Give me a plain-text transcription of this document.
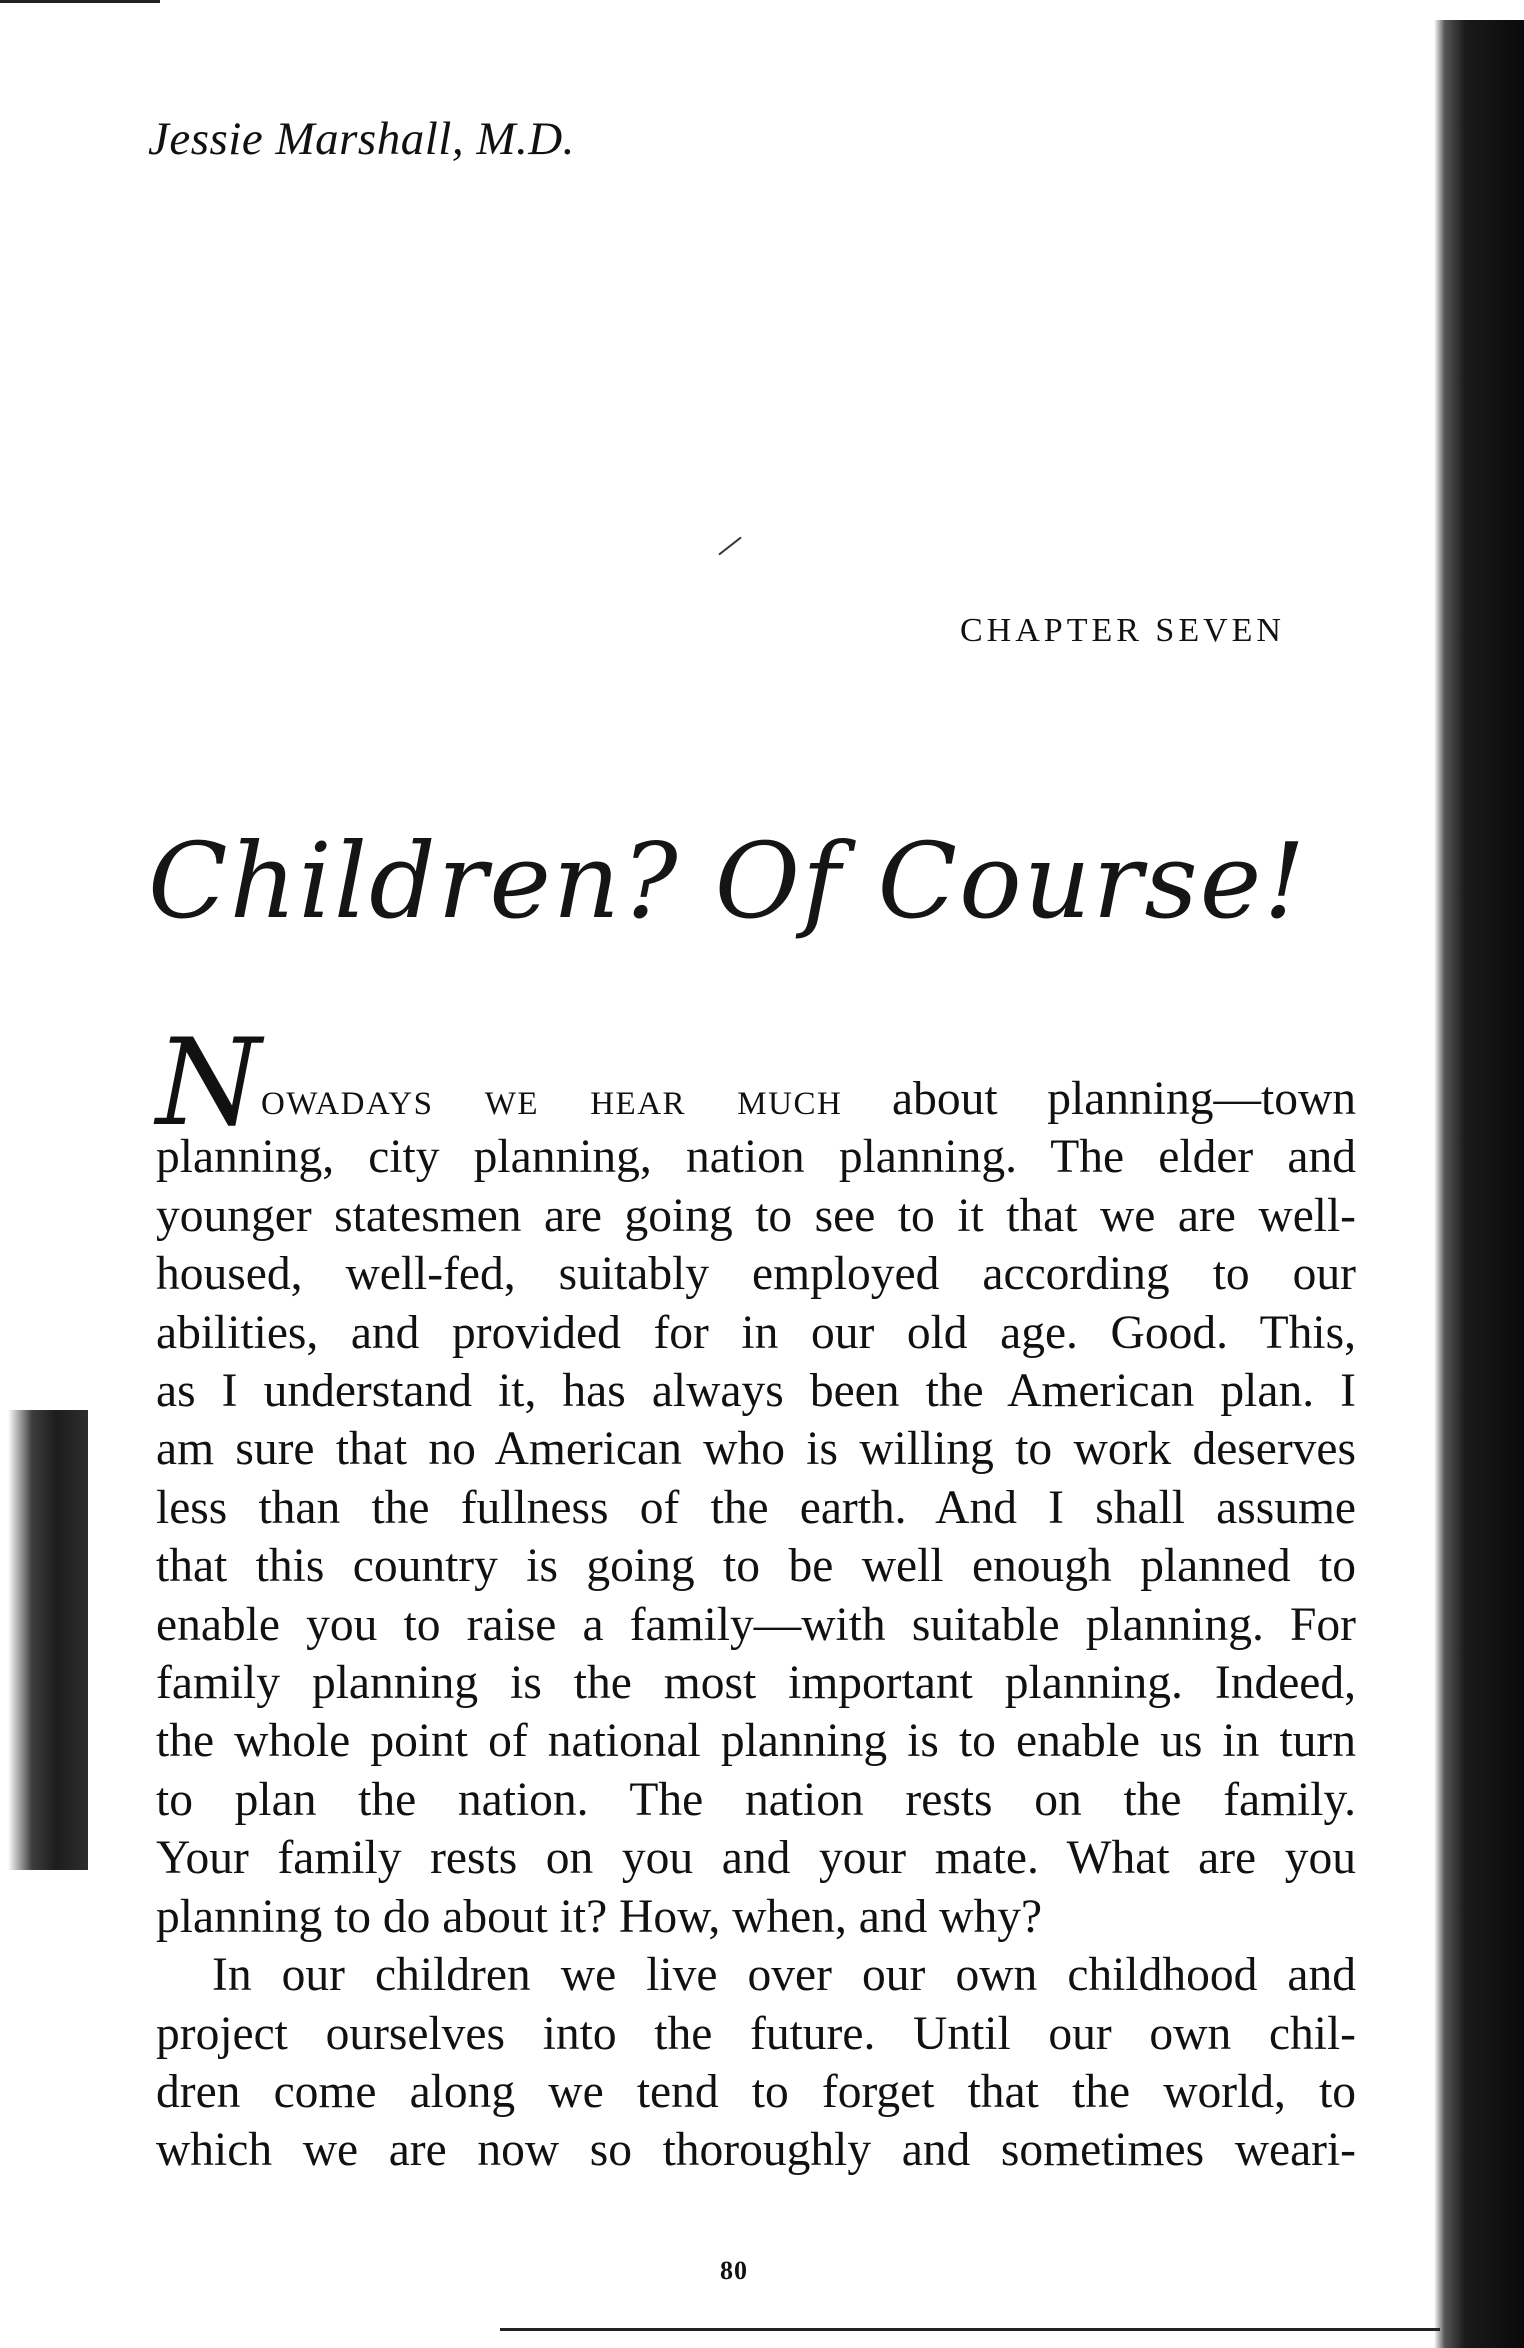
Jessie Marshall, M.D.
CHAPTER SEVEN
Children? Of Course!
Nowadays we hear much about planning—town
planning, city planning, nation planning. The elder and
younger statesmen are going to see to it that we are well-
housed, well-fed, suitably employed according to our
abilities, and provided for in our old age. Good. This,
as I understand it, has always been the American plan. I
am sure that no American who is willing to work deserves
less than the fullness of the earth. And I shall assume
that this country is going to be well enough planned to
enable you to raise a family—with suitable planning. For
family planning is the most important planning. Indeed,
the whole point of national planning is to enable us in turn
to plan the nation. The nation rests on the family.
Your family rests on you and your mate. What are you
planning to do about it? How, when, and why?
In our children we live over our own childhood and
project ourselves into the future. Until our own chil-
dren come along we tend to forget that the world, to
which we are now so thoroughly and sometimes weari-
80
